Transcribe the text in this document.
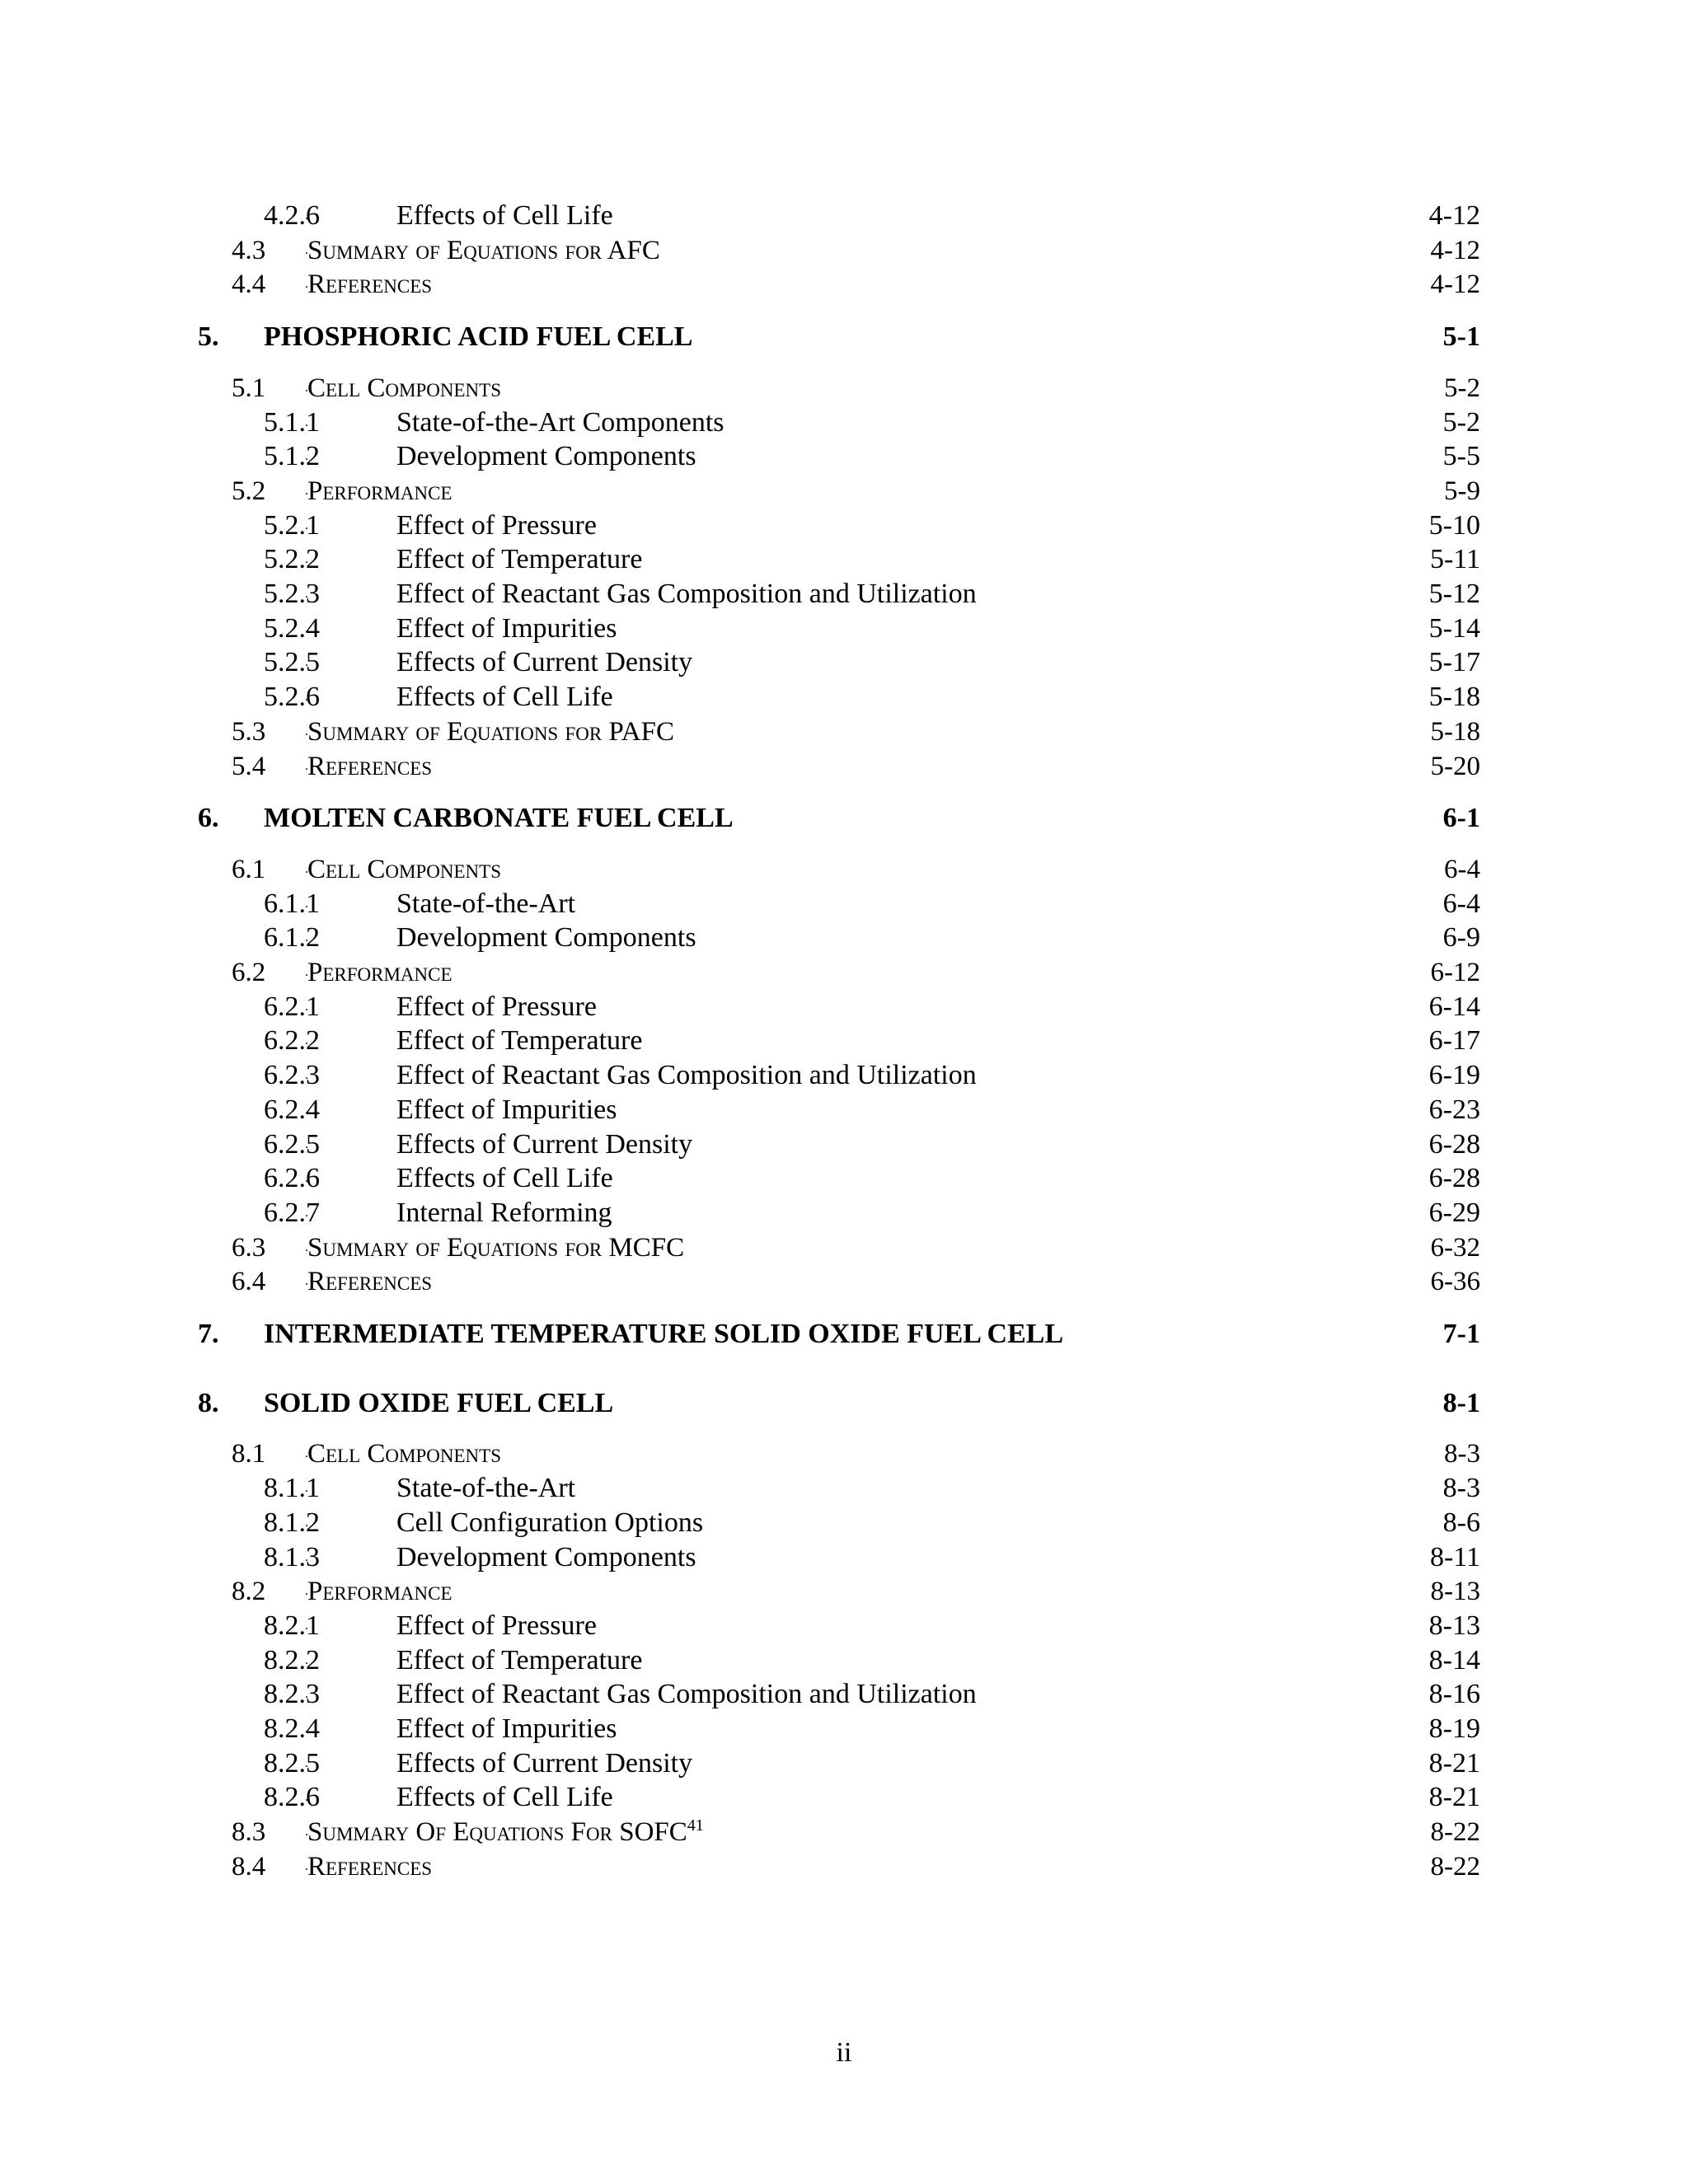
. . .
4.2.6	Effects of Cell Life	4-12
. . .
4.3 Summary of Equations for AFC	4-12
. . .
4.4 References	4-12
. . .
5. PHOSPHORIC ACID FUEL CELL	5-1
. . .
5.1 Cell Components	5-2
. . .
5.1.1	State-of-the-Art Components	5-2
. . .
5.1.2	Development Components	5-5
. . .
5.2 Performance	5-9
. . .
5.2.1	Effect of Pressure	5-10
. . .
5.2.2	Effect of Temperature	5-11
. . .
5.2.3	Effect of Reactant Gas Composition and Utilization	5-12
. . .
5.2.4	Effect of Impurities	5-14
. . .
5.2.5	Effects of Current Density	5-17
. . .
5.2.6	Effects of Cell Life	5-18
. . .
5.3 Summary of Equations for PAFC	5-18
. . .
5.4 References	5-20
. . .
6. MOLTEN CARBONATE FUEL CELL	6-1
. . .
6.1 Cell Components	6-4
. . .
6.1.1	State-of-the-Art	6-4
. . .
6.1.2	Development Components	6-9
. . .
6.2 Performance	6-12
. . .
6.2.1	Effect of Pressure	6-14
. . .
6.2.2	Effect of Temperature	6-17
. . .
6.2.3	Effect of Reactant Gas Composition and Utilization	6-19
. . .
6.2.4	Effect of Impurities	6-23
. . .
6.2.5	Effects of Current Density	6-28
. . .
6.2.6	Effects of Cell Life	6-28
. . .
6.2.7	Internal Reforming	6-29
. . .
6.3 Summary of Equations for MCFC	6-32
. . .
6.4 References	6-36
. . .
7. INTERMEDIATE TEMPERATURE SOLID OXIDE FUEL CELL	7-1
. . .
8. SOLID OXIDE FUEL CELL	8-1
. . .
8.1 Cell Components	8-3
. . .
8.1.1	State-of-the-Art	8-3
. . .
8.1.2	Cell Configuration Options	8-6
. . .
8.1.3	Development Components	8-11
. . .
8.2 Performance	8-13
. . .
8.2.1	Effect of Pressure	8-13
. . .
8.2.2	Effect of Temperature	8-14
. . .
8.2.3	Effect of Reactant Gas Composition and Utilization	8-16
. . .
8.2.4	Effect of Impurities	8-19
. . .
8.2.5	Effects of Current Density	8-21
. . .
8.2.6	Effects of Cell Life	8-21
. . .
8.3 Summary Of Equations For SOFC$^{41}$	8-22
. . .
8.4 References	8-22
ii
